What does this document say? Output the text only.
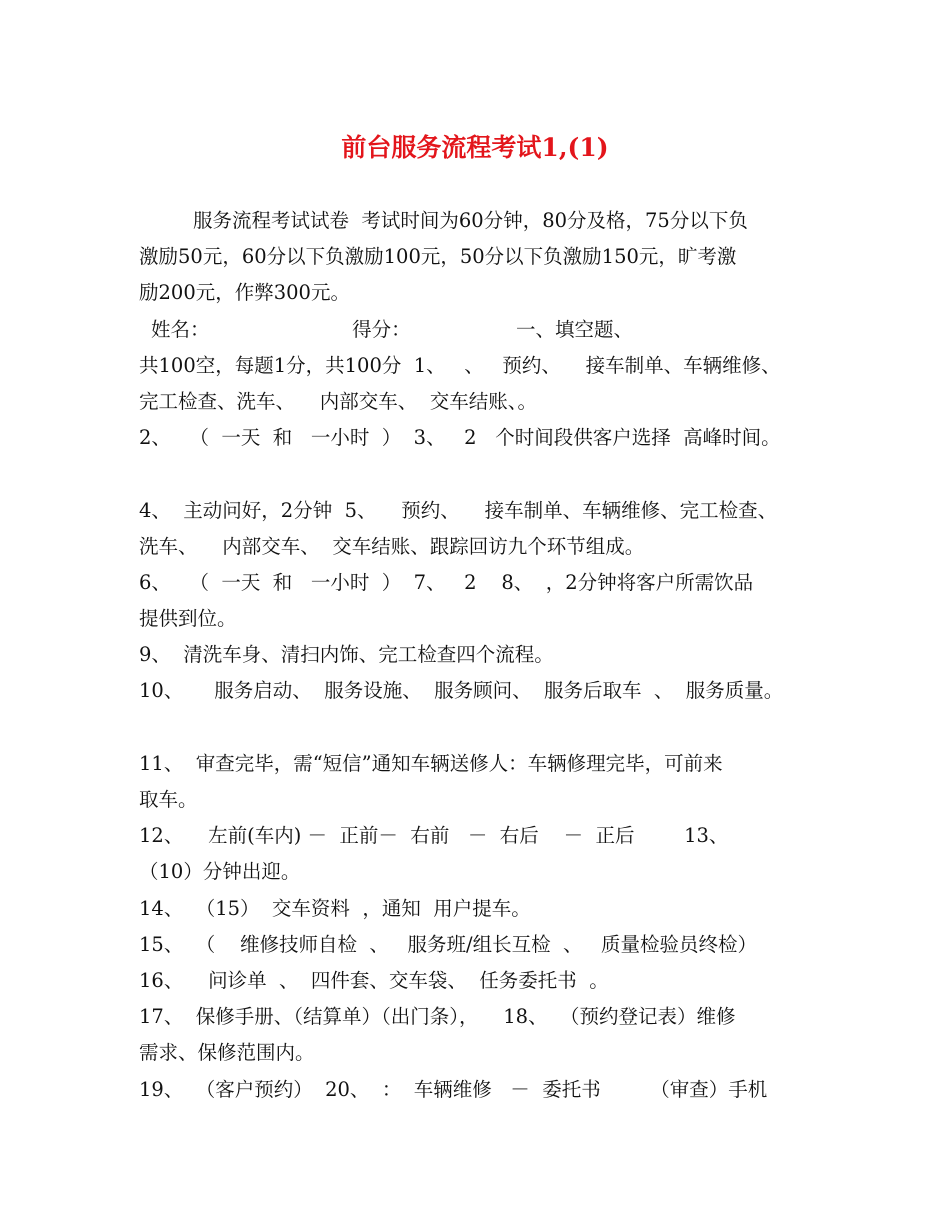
前台服务流程考试1,(1)
服务流程考试试卷  考试时间为60分钟，80分及格，75分以下负
激励50元，60分以下负激励100元，50分以下负激励150元，旷考激
励200元，作弊300元。
姓名：                       得分：                 一、填空题、
共100空，每题1分，共100分  1、   、   预约、    接车制单、车辆维修、
完工检查、洗车、    内部交车、  交车结账、。
2、   （  一天  和   一小时  ）  3、   2   个时间段供客户选择  高峰时间。
4、  主动问好，2分钟  5、    预约、    接车制单、车辆维修、完工检查、
洗车、    内部交车、  交车结账、跟踪回访九个环节组成。
6、   （  一天  和   一小时  ）  7、   2    8、  ，2分钟将客户所需饮品
提供到位。
9、  清洗车身、清扫内饰、完工检查四个流程。
10、     服务启动、  服务设施、  服务顾问、  服务后取车  、  服务质量。
11、  审查完毕，需“短信”通知车辆送修人：车辆修理完毕，可前来
取车。
12、    左前(车内) －  正前－  右前   －  右后    －  正后        13、
（10）分钟出迎。
14、  （15）  交车资料  ，通知  用户提车。
15、  （    维修技师自检  、   服务班/组长互检  、   质量检验员终检）
16、    问诊单  、  四件套、交车袋、  任务委托书  。
17、  保修手册、（结算单）（出门条），    18、  （预约登记表）维修
需求、保修范围内。
19、  （客户预约）  20、  ：  车辆维修   －  委托书        （审查）手机
